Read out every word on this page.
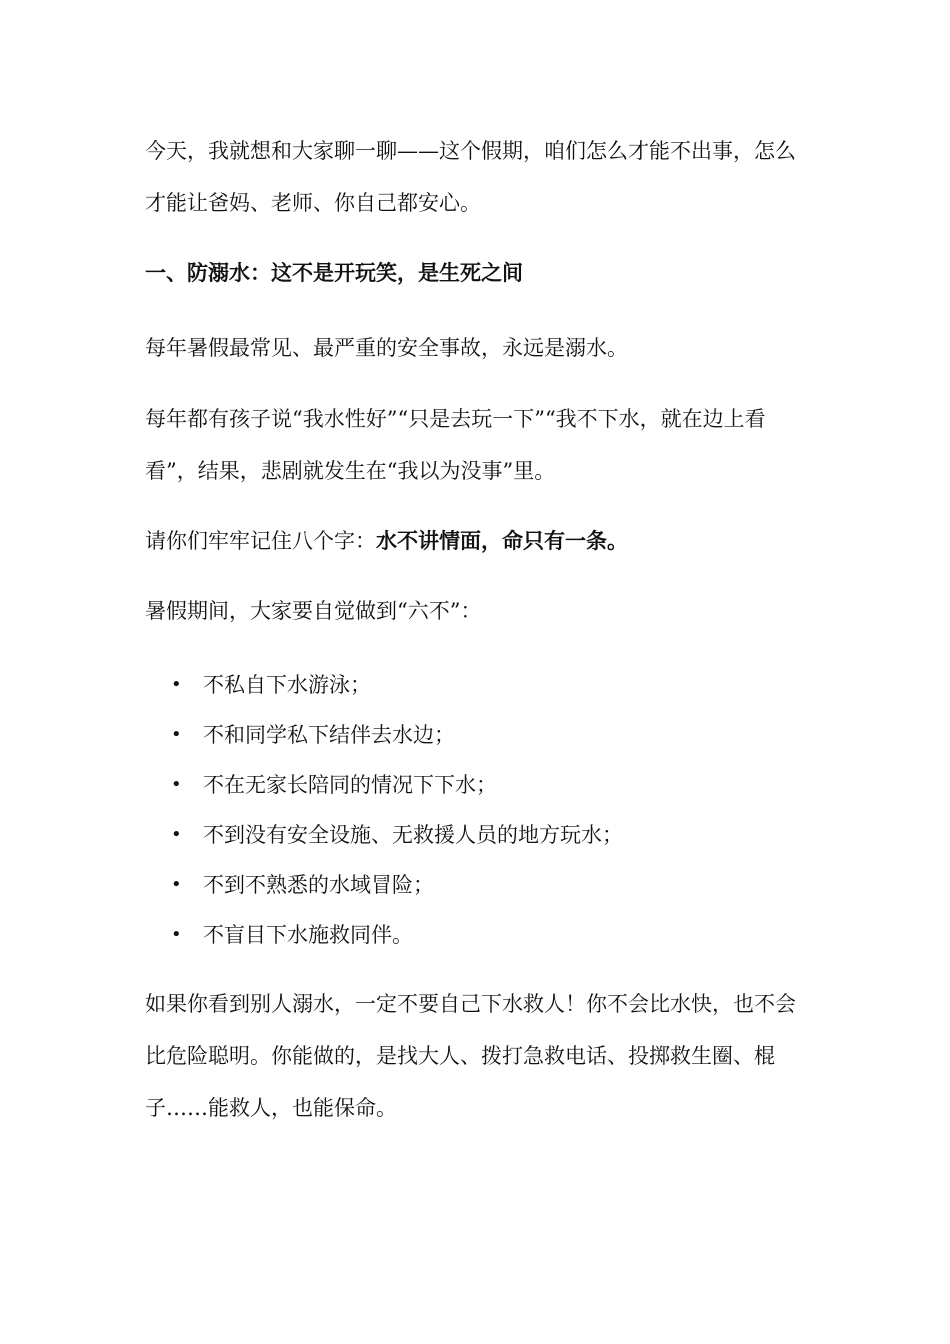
今天，我就想和大家聊一聊——这个假期，咱们怎么才能不出事，怎么才能让爸妈、老师、你自己都安心。

一、防溺水：这不是开玩笑，是生死之间

每年暑假最常见、最严重的安全事故，永远是溺水。

每年都有孩子说“我水性好”“只是去玩一下”“我不下水，就在边上看看”，结果，悲剧就发生在“我以为没事”里。

请你们牢牢记住八个字：水不讲情面，命只有一条。

暑假期间，大家要自觉做到“六不”：

• 不私自下水游泳；
• 不和同学私下结伴去水边；
• 不在无家长陪同的情况下下水；
• 不到没有安全设施、无救援人员的地方玩水；
• 不到不熟悉的水域冒险；
• 不盲目下水施救同伴。

如果你看到别人溺水，一定不要自己下水救人！你不会比水快，也不会比危险聪明。你能做的，是找大人、拨打急救电话、投掷救生圈、棍子……能救人，也能保命。
